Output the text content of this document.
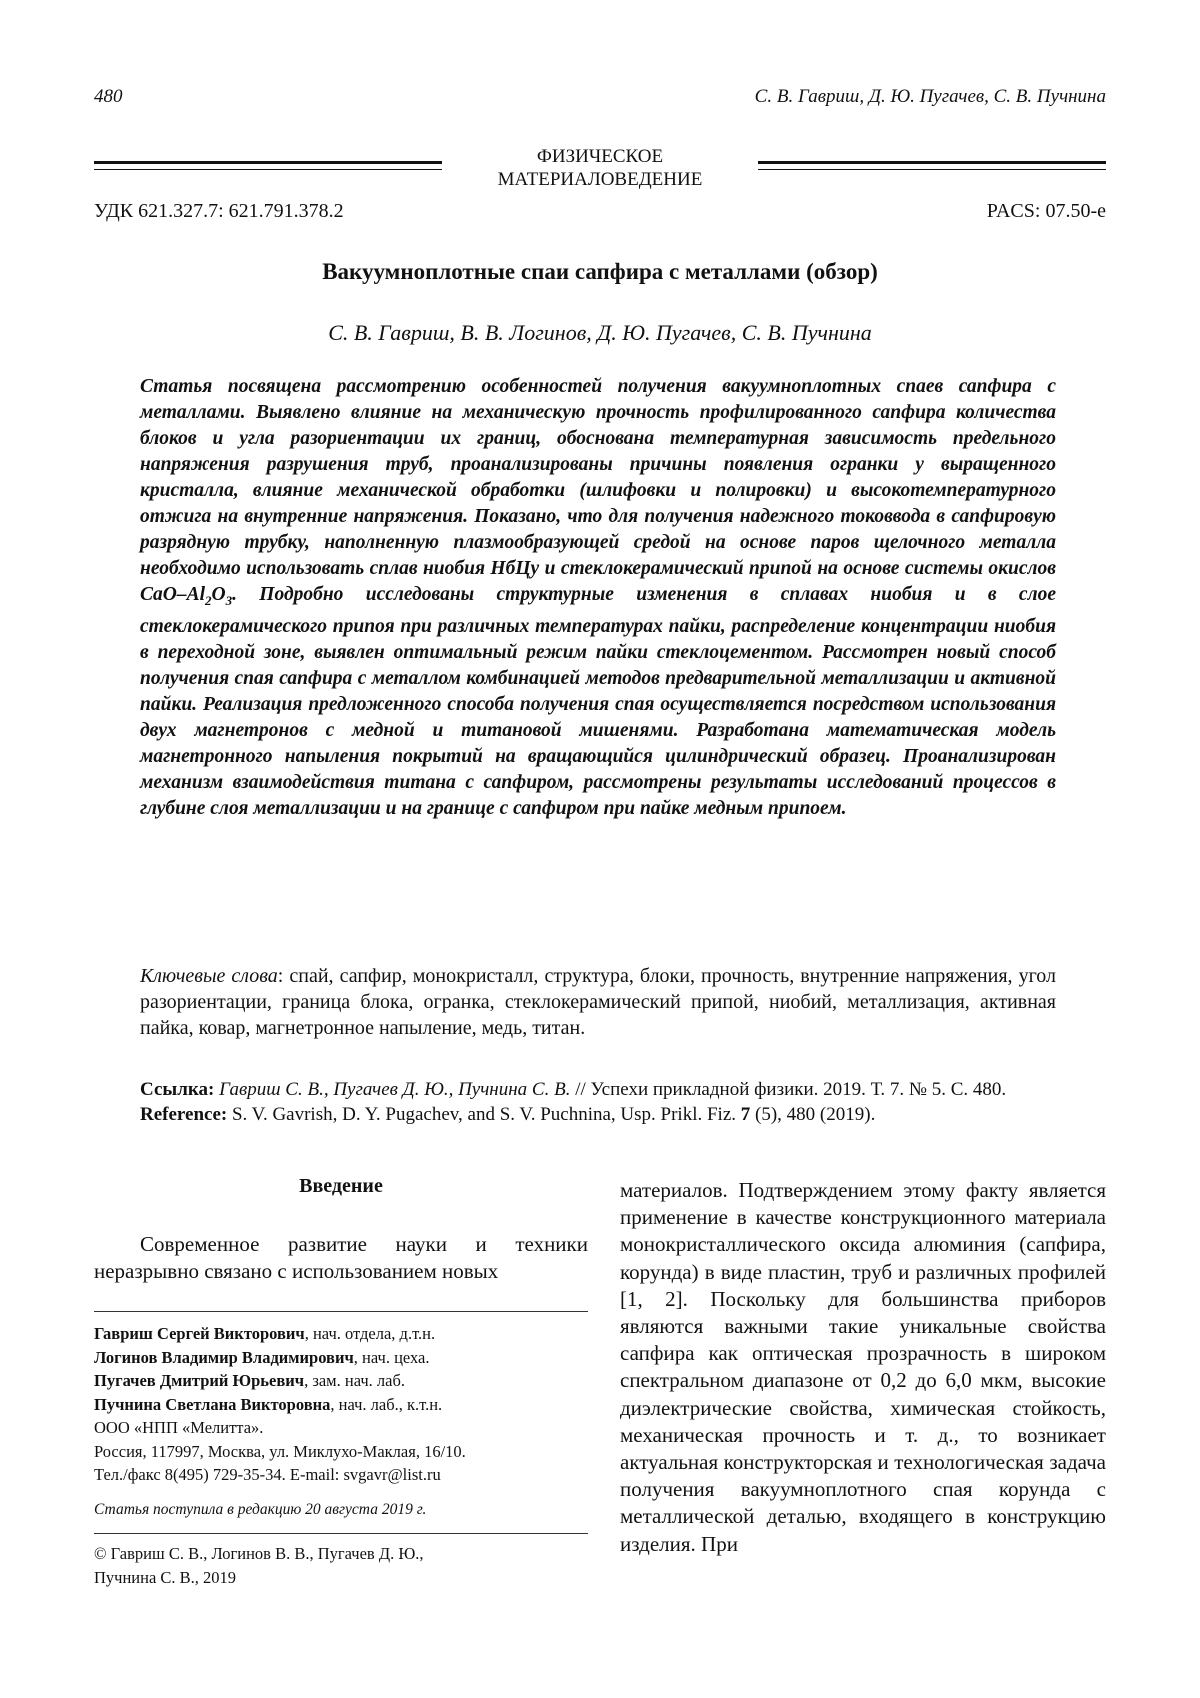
480	С. В. Гавриш, Д. Ю. Пугачев, С. В. Пучнина
ФИЗИЧЕСКОЕ
МАТЕРИАЛОВЕДЕНИЕ
УДК 621.327.7: 621.791.378.2	PACS: 07.50-е
Вакуумноплотные спаи сапфира с металлами (обзор)
С. В. Гавриш, В. В. Логинов, Д. Ю. Пугачев, С. В. Пучнина
Статья посвящена рассмотрению особенностей получения вакуумноплотных спаев сапфира с металлами. Выявлено влияние на механическую прочность профилированного сапфира количества блоков и угла разориентации их границ, обоснована температурная зависимость предельного напряжения разрушения труб, проанализированы причины появления огранки у выращенного кристалла, влияние механической обработки (шлифовки и полировки) и высокотемпературного отжига на внутренние напряжения. Показано, что для получения надежного токоввода в сапфировую разрядную трубку, наполненную плазмообразующей средой на основе паров щелочного металла необходимо использовать сплав ниобия НбЦу и стеклокерамический припой на основе системы окислов CaO–$Al_2O_3$. Подробно исследованы структурные изменения в сплавах ниобия и в слое стеклокерамического припоя при различных температурах пайки, распределение концентрации ниобия в переходной зоне, выявлен оптимальный режим пайки стеклоцементом. Рассмотрен новый способ получения спая сапфира с металлом комбинацией методов предварительной металлизации и активной пайки. Реализация предложенного способа получения спая осуществляется посредством использования двух магнетронов с медной и титановой мишенями. Разработана математическая модель магнетронного напыления покрытий на вращающийся цилиндрический образец. Проанализирован механизм взаимодействия титана с сапфиром, рассмотрены результаты исследований процессов в глубине слоя металлизации и на границе с сапфиром при пайке медным припоем.
Ключевые слова: спай, сапфир, монокристалл, структура, блоки, прочность, внутренние напряжения, угол разориентации, граница блока, огранка, стеклокерамический припой, ниобий, металлизация, активная пайка, ковар, магнетронное напыление, медь, титан.
Ссылка: Гавриш С. В., Пугачев Д. Ю., Пучнина С. В. // Успехи прикладной физики. 2019. Т. 7. № 5. С. 480.
Reference: S. V. Gavrish, D. Y. Pugachev, and S. V. Puchnina, Usp. Prikl. Fiz. 7 (5), 480 (2019).
Введение
Современное развитие науки и техники неразрывно связано с использованием новых
Гавриш Сергей Викторович, нач. отдела, д.т.н.
Логинов Владимир Владимирович, нач. цеха.
Пугачев Дмитрий Юрьевич, зам. нач. лаб.
Пучнина Светлана Викторовна, нач. лаб., к.т.н.
ООО «НПП «Мелитта».
Россия, 117997, Москва, ул. Миклухо-Маклая, 16/10.
Тел./факс 8(495) 729-35-34. E-mail: svgavr@list.ru
Статья поступила в редакцию 20 августа 2019 г.
© Гавриш С. В., Логинов В. В., Пугачев Д. Ю.,
Пучнина С. В., 2019
материалов. Подтверждением этому факту является применение в качестве конструкционного материала монокристаллического оксида алюминия (сапфира, корунда) в виде пластин, труб и различных профилей [1, 2]. Поскольку для большинства приборов являются важными такие уникальные свойства сапфира как оптическая прозрачность в широком спектральном диапазоне от 0,2 до 6,0 мкм, высокие диэлектрические свойства, химическая стойкость, механическая прочность и т. д., то возникает актуальная конструкторская и технологическая задача получения вакуумноплотного спая корунда с металлической деталью, входящего в конструкцию изделия. При
